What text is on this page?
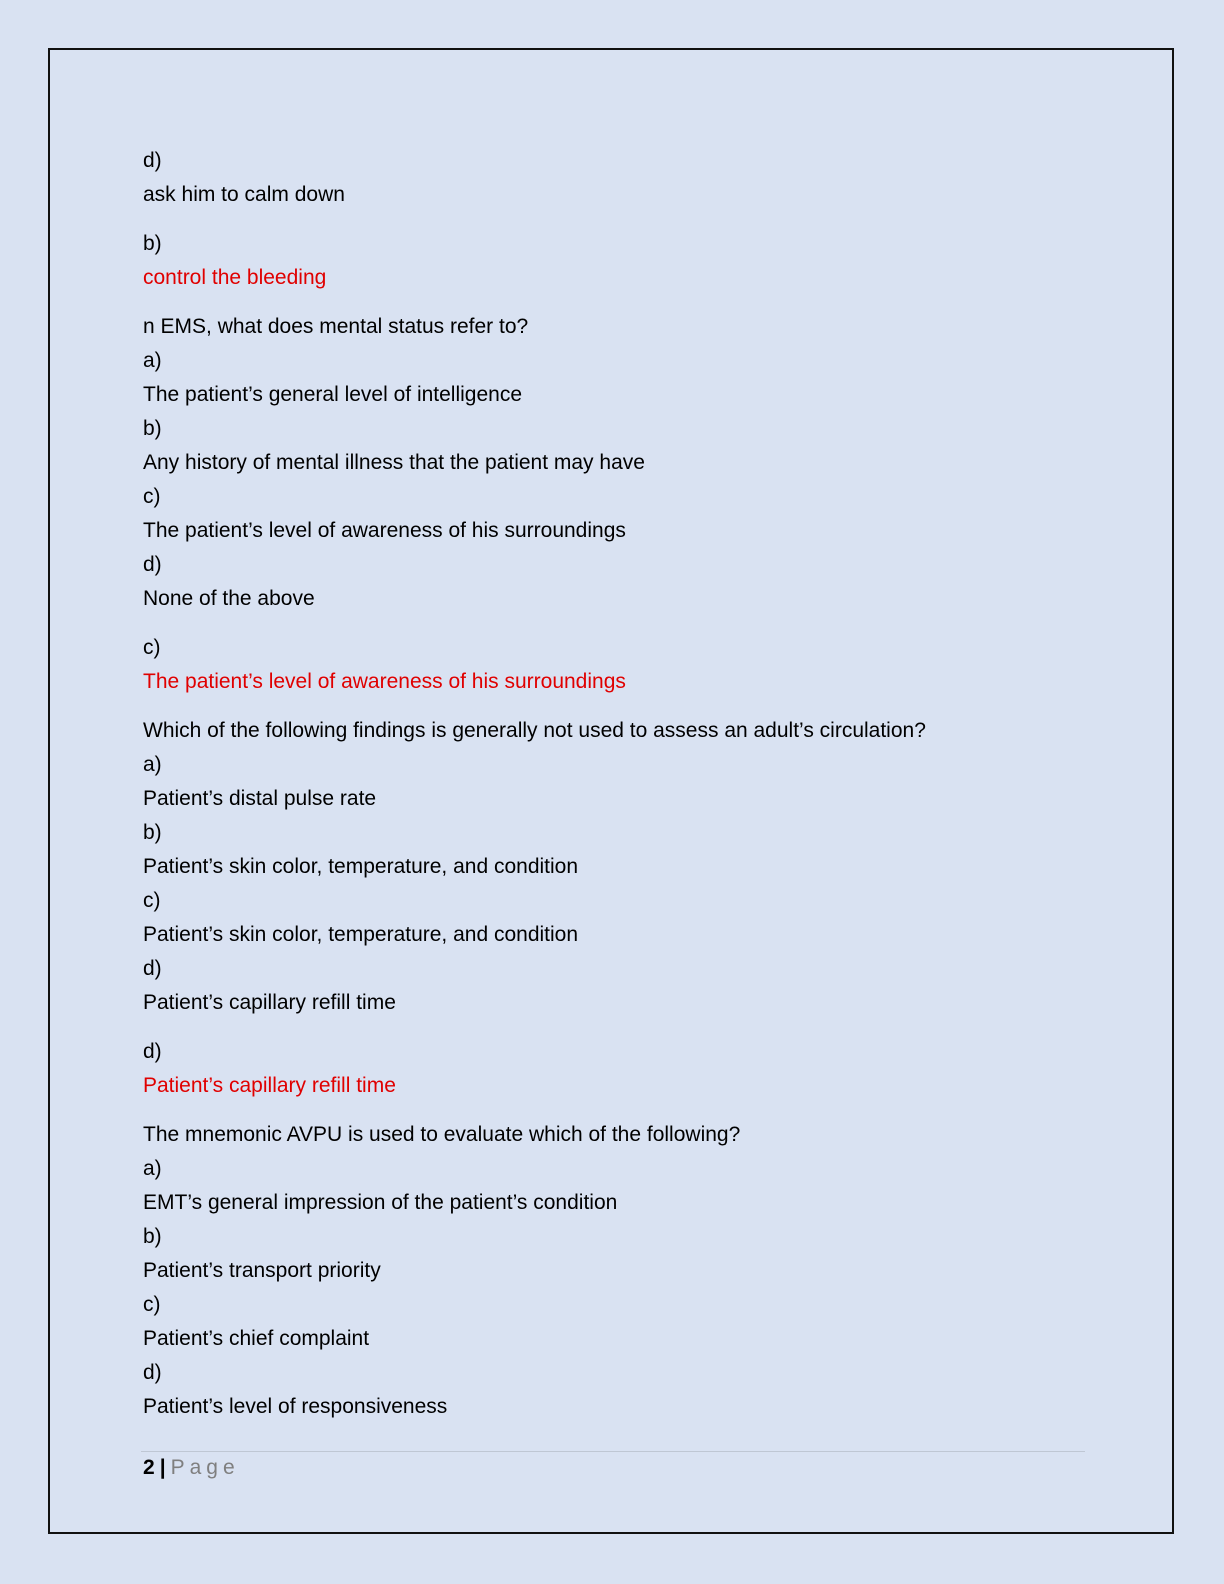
d)
ask him to calm down
b)
control the bleeding
n EMS, what does mental status refer to?
a)
The patient’s general level of intelligence
b)
Any history of mental illness that the patient may have
c)
The patient’s level of awareness of his surroundings
d)
None of the above
c)
The patient’s level of awareness of his surroundings
Which of the following findings is generally not used to assess an adult’s circulation?
a)
Patient’s distal pulse rate
b)
Patient’s skin color, temperature, and condition
c)
Patient’s skin color, temperature, and condition
d)
Patient’s capillary refill time
d)
Patient’s capillary refill time
The mnemonic AVPU is used to evaluate which of the following?
a)
EMT’s general impression of the patient’s condition
b)
Patient’s transport priority
c)
Patient’s chief complaint
d)
Patient’s level of responsiveness
2 | Page
